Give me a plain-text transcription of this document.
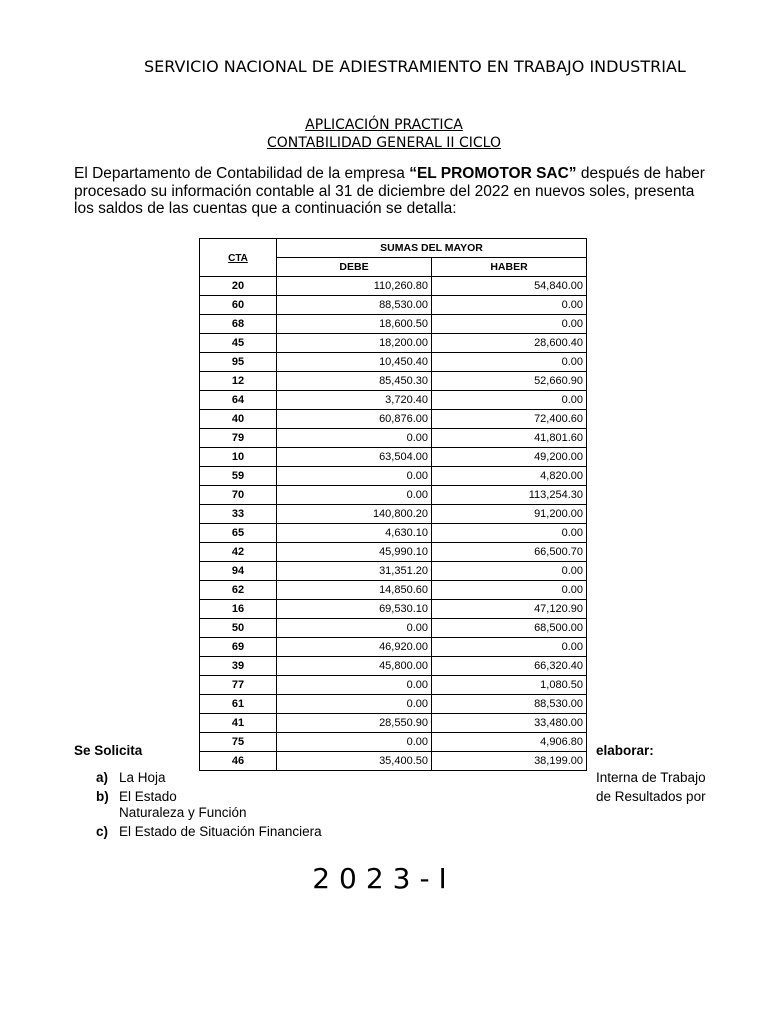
SERVICIO NACIONAL DE ADIESTRAMIENTO EN TRABAJO INDUSTRIAL
APLICACIÓN PRACTICA
CONTABILIDAD GENERAL II CICLO
El Departamento de Contabilidad de la empresa “EL PROMOTOR SAC” después de haber procesado su información contable al 31 de diciembre del 2022 en nuevos soles, presenta los saldos de las cuentas que a continuación se detalla:
Se Solicita	elaborar:
a) La Hoja	Interna de Trabajo
b) El Estado	de Resultados por
Naturaleza y Función
c) El Estado de Situación Financiera
CTA	SUMAS DEL MAYOR	
	DEBE	HABER
20	110,260.80	54,840.00
60	88,530.00	0.00
68	18,600.50	0.00
45	18,200.00	28,600.40
95	10,450.40	0.00
12	85,450.30	52,660.90
64	3,720.40	0.00
40	60,876.00	72,400.60
79	0.00	41,801.60
10	63,504.00	49,200.00
59	0.00	4,820.00
70	0.00	113,254.30
33	140,800.20	91,200.00
65	4,630.10	0.00
42	45,990.10	66,500.70
94	31,351.20	0.00
62	14,850.60	0.00
16	69,530.10	47,120.90
50	0.00	68,500.00
69	46,920.00	0.00
39	45,800.00	66,320.40
77	0.00	1,080.50
61	0.00	88,530.00
41	28,550.90	33,480.00
75	0.00	4,906.80
46	35,400.50	38,199.00
2023-I
